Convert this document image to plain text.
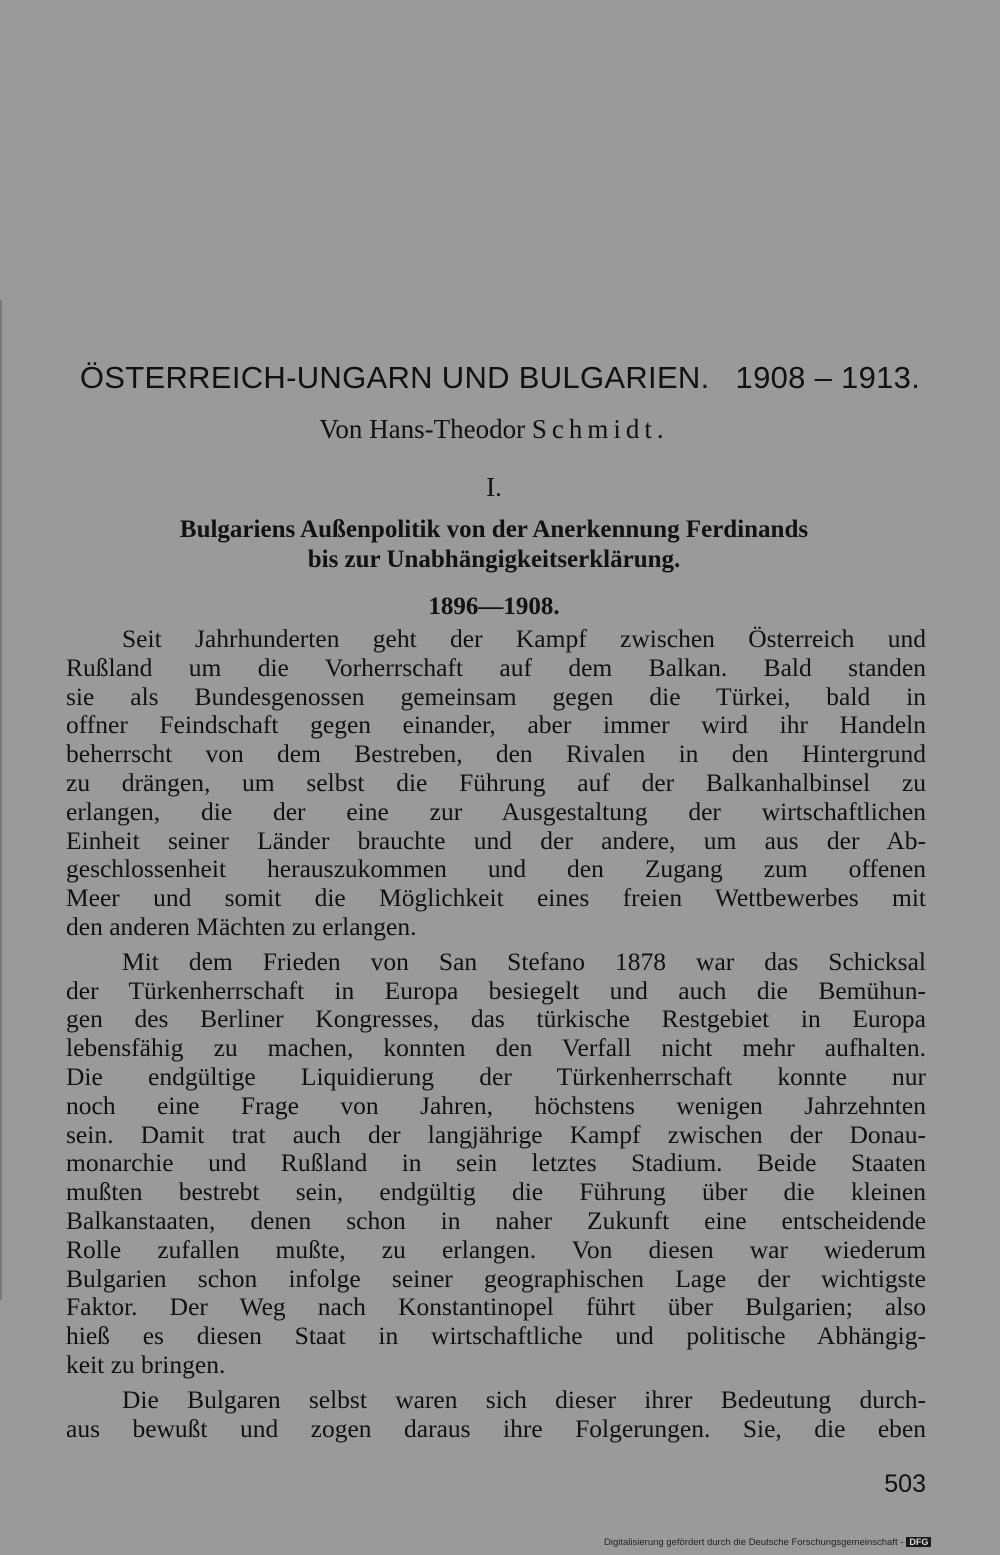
ÖSTERREICH-UNGARN UND BULGARIEN. 1908 – 1913.
Von Hans-Theodor Schmidt.
I.
Bulgariens Außenpolitik von der Anerkennung Ferdinands
bis zur Unabhängigkeitserklärung.
1896—1908.
Seit Jahrhunderten geht der Kampf zwischen Österreich und
Rußland um die Vorherrschaft auf dem Balkan. Bald standen
sie als Bundesgenossen gemeinsam gegen die Türkei, bald in
offner Feindschaft gegen einander, aber immer wird ihr Handeln
beherrscht von dem Bestreben, den Rivalen in den Hintergrund
zu drängen, um selbst die Führung auf der Balkanhalbinsel zu
erlangen, die der eine zur Ausgestaltung der wirtschaftlichen
Einheit seiner Länder brauchte und der andere, um aus der Ab-
geschlossenheit herauszukommen und den Zugang zum offenen
Meer und somit die Möglichkeit eines freien Wettbewerbes mit
den anderen Mächten zu erlangen.
Mit dem Frieden von San Stefano 1878 war das Schicksal
der Türkenherrschaft in Europa besiegelt und auch die Bemühun-
gen des Berliner Kongresses, das türkische Restgebiet in Europa
lebensfähig zu machen, konnten den Verfall nicht mehr aufhalten.
Die endgültige Liquidierung der Türkenherrschaft konnte nur
noch eine Frage von Jahren, höchstens wenigen Jahrzehnten
sein. Damit trat auch der langjährige Kampf zwischen der Donau-
monarchie und Rußland in sein letztes Stadium. Beide Staaten
mußten bestrebt sein, endgültig die Führung über die kleinen
Balkanstaaten, denen schon in naher Zukunft eine entscheidende
Rolle zufallen mußte, zu erlangen. Von diesen war wiederum
Bulgarien schon infolge seiner geographischen Lage der wichtigste
Faktor. Der Weg nach Konstantinopel führt über Bulgarien; also
hieß es diesen Staat in wirtschaftliche und politische Abhängig-
keit zu bringen.
Die Bulgaren selbst waren sich dieser ihrer Bedeutung durch-
aus bewußt und zogen daraus ihre Folgerungen. Sie, die eben
503
Digitalisierung gefördert durch die Deutsche Forschungsgemeinschaft - DFG
